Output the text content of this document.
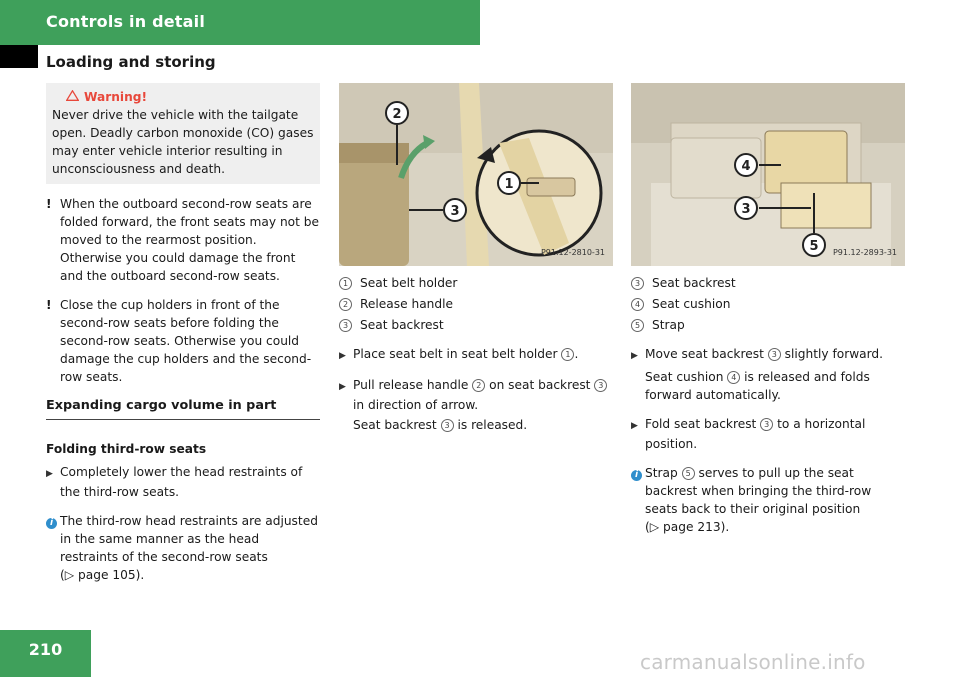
Controls in detail
Loading and storing
Warning!
Never drive the vehicle with the tailgate open. Deadly carbon monoxide (CO) gases may enter vehicle interior resulting in unconsciousness and death.
! When the outboard second-row seats are folded forward, the front seats may not be moved to the rearmost position. Otherwise you could damage the front and the outboard second-row seats.
! Close the cup holders in front of the second-row seats before folding the second-row seats. Otherwise you could damage the cup holders and the second-row seats.
Expanding cargo volume in part
Folding third-row seats
▶ Completely lower the head restraints of the third-row seats.
i The third-row head restraints are adjusted in the same manner as the head restraints of the second-row seats
(▷ page 105).
2
3
1
P91.12-2810-31
1 Seat belt holder
2 Release handle
3 Seat backrest
▶ Place seat belt in seat belt holder 1 .
▶ Pull release handle 2 on seat backrest 3 in direction of arrow.
Seat backrest 3 is released.
4
3
5 P91.12-2893-31
3 Seat backrest
4 Seat cushion
5 Strap
▶ Move seat backrest 3 slightly forward.
Seat cushion 4 is released and folds forward automatically.
▶ Fold seat backrest 3 to a horizontal position.
i Strap 5 serves to pull up the seat backrest when bringing the third-row seats back to their original position
(▷ page 213).
210
carmanualsonline.info
